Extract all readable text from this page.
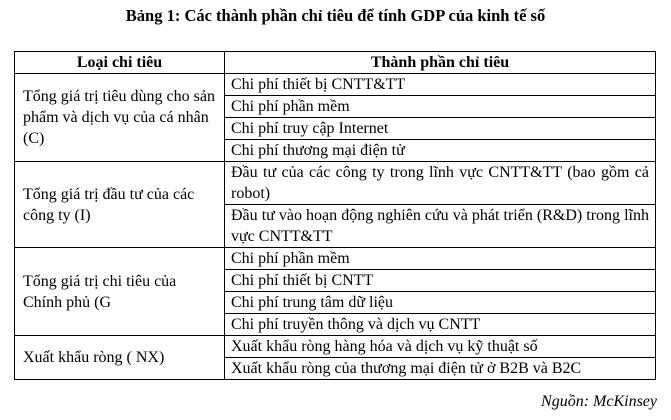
Bảng 1: Các thành phần chỉ tiêu để tính GDP của kinh tế số
Loại chi tiêu	Thành phần chỉ tiêu
Tổng giá trị tiêu dùng cho sản phẩm và dịch vụ của cá nhân (C)	Chi phí thiết bị CNTT&TT
	Chi phí phần mềm
	Chi phí truy cập Internet
	Chi phí thương mại điện tử
Tổng giá trị đầu tư của các công ty (I)	Đầu tư của các công ty trong lĩnh vực CNTT&TT (bao gồm cả robot)
	Đầu tư vào hoạn động nghiên cứu và phát triển (R&D) trong lĩnh vực CNTT&TT
Tổng giá trị chi tiêu của Chính phủ (G	Chi phí phần mềm
	Chi phí thiết bị CNTT
	Chi phí trung tâm dữ liệu
	Chi phí truyền thông và dịch vụ CNTT
Xuất khẩu ròng ( NX)	Xuất khẩu ròng hàng hóa và dịch vụ kỹ thuật số
	Xuất khẩu ròng của thương mại điện tử ở B2B và B2C
Nguồn: McKinsey
